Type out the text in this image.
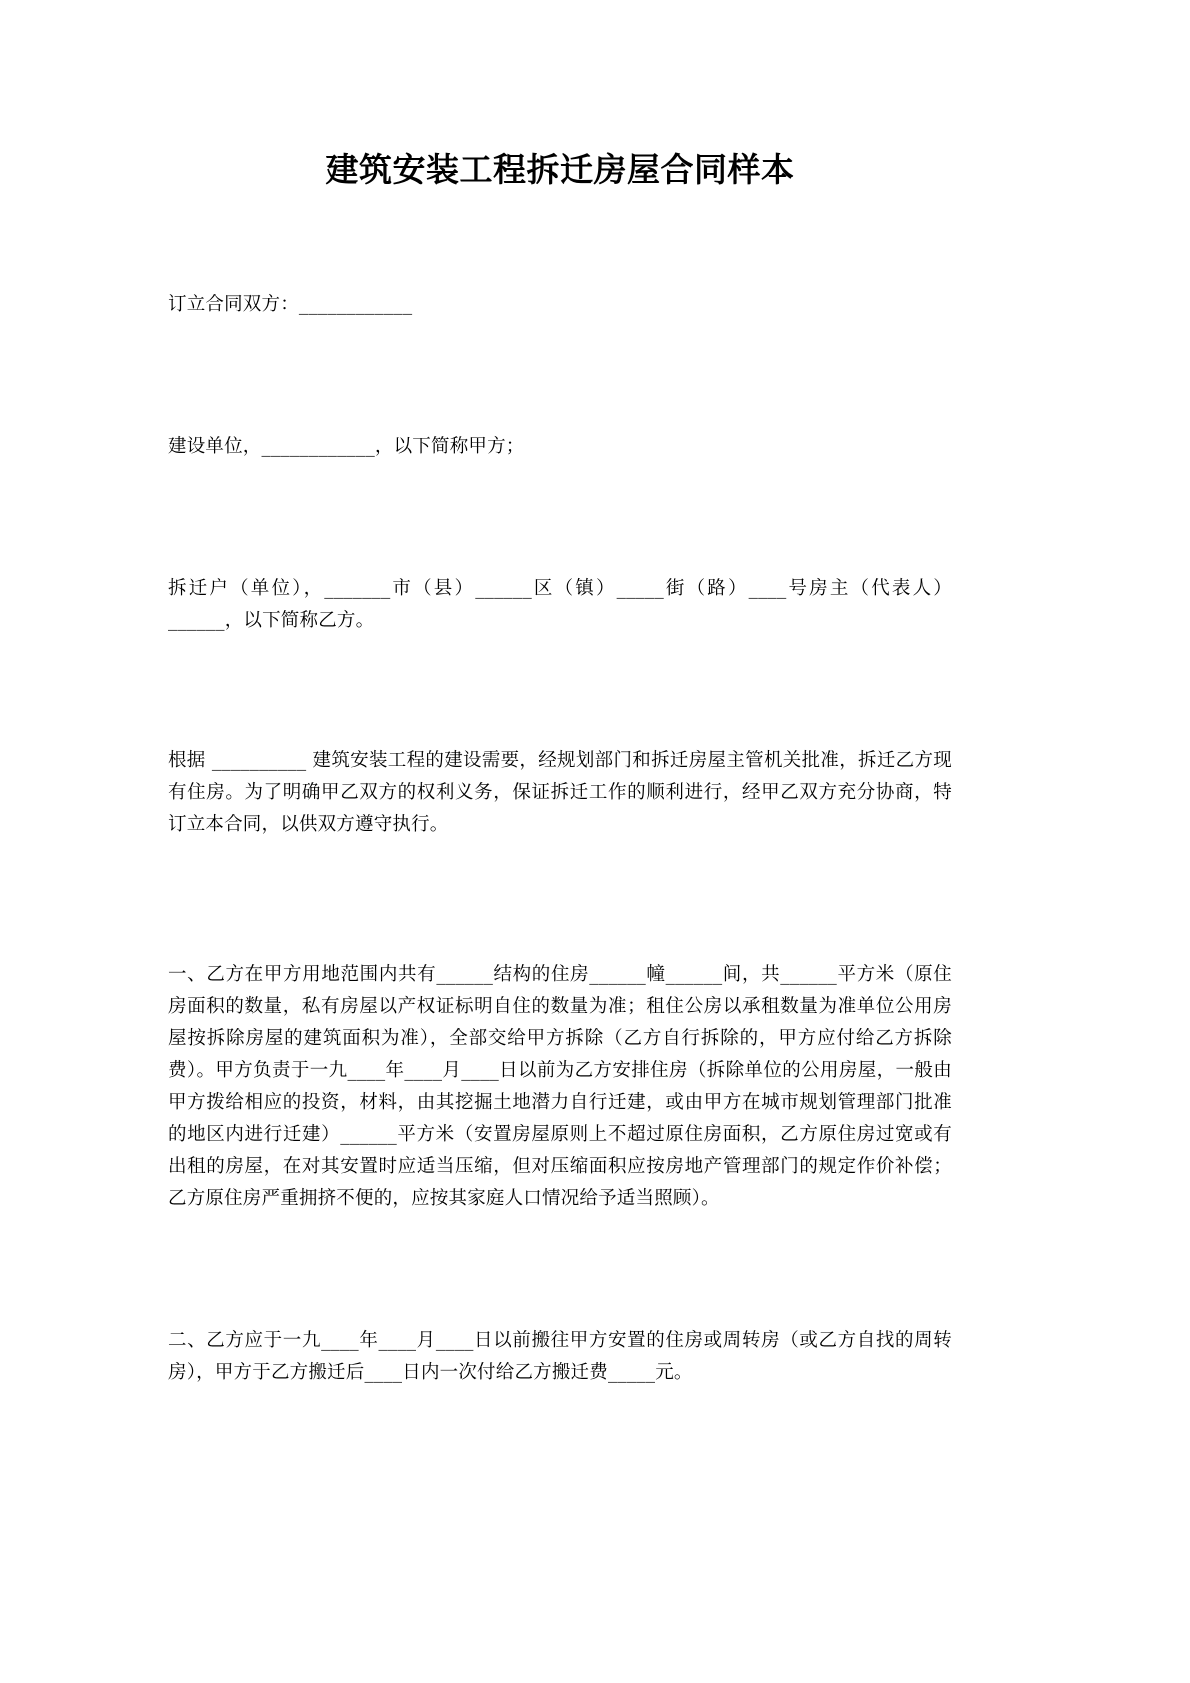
建筑安装工程拆迁房屋合同样本

订立合同双方：____________

建设单位，____________，以下简称甲方；

拆迁户（单位），_______市（县）______区（镇）_____街（路）____号房主（代表人）______，以下简称乙方。

根据 __________ 建筑安装工程的建设需要，经规划部门和拆迁房屋主管机关批准，拆迁乙方现有住房。为了明确甲乙双方的权利义务，保证拆迁工作的顺利进行，经甲乙双方充分协商，特订立本合同，以供双方遵守执行。

一、乙方在甲方用地范围内共有______结构的住房______幢______间，共______平方米（原住房面积的数量，私有房屋以产权证标明自住的数量为准；租住公房以承租数量为准单位公用房屋按拆除房屋的建筑面积为准），全部交给甲方拆除（乙方自行拆除的，甲方应付给乙方拆除费）。甲方负责于一九____年____月____日以前为乙方安排住房（拆除单位的公用房屋，一般由甲方拨给相应的投资，材料，由其挖掘土地潜力自行迁建，或由甲方在城市规划管理部门批准的地区内进行迁建）______平方米（安置房屋原则上不超过原住房面积，乙方原住房过宽或有出租的房屋，在对其安置时应适当压缩，但对压缩面积应按房地产管理部门的规定作价补偿；乙方原住房严重拥挤不便的，应按其家庭人口情况给予适当照顾）。

二、乙方应于一九____年____月____日以前搬往甲方安置的住房或周转房（或乙方自找的周转房），甲方于乙方搬迁后____日内一次付给乙方搬迁费_____元。
